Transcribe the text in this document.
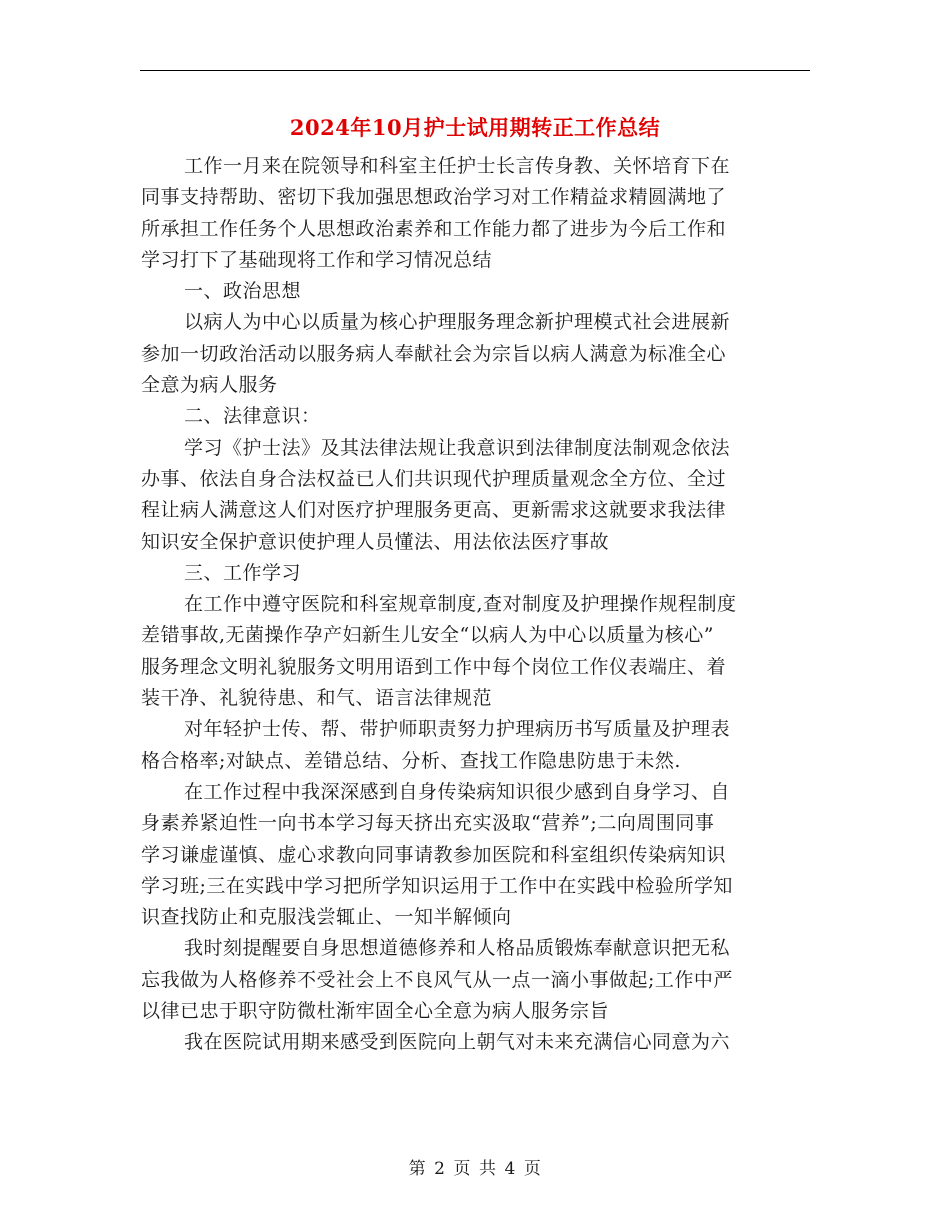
2024年10月护士试用期转正工作总结
工作一月来在院领导和科室主任护士长言传身教、关怀培育下在
同事支持帮助、密切下我加强思想政治学习对工作精益求精圆满地了
所承担工作任务个人思想政治素养和工作能力都了进步为今后工作和
学习打下了基础现将工作和学习情况总结
一、政治思想
以病人为中心以质量为核心护理服务理念新护理模式社会进展新
参加一切政治活动以服务病人奉献社会为宗旨以病人满意为标准全心
全意为病人服务
二、法律意识：
学习《护士法》及其法律法规让我意识到法律制度法制观念依法
办事、依法自身合法权益已人们共识现代护理质量观念全方位、全过
程让病人满意这人们对医疗护理服务更高、更新需求这就要求我法律
知识安全保护意识使护理人员懂法、用法依法医疗事故
三、工作学习
在工作中遵守医院和科室规章制度,查对制度及护理操作规程制度
差错事故,无菌操作孕产妇新生儿安全“以病人为中心以质量为核心”
服务理念文明礼貌服务文明用语到工作中每个岗位工作仪表端庄、着
装干净、礼貌待患、和气、语言法律规范
对年轻护士传、帮、带护师职责努力护理病历书写质量及护理表
格合格率;对缺点、差错总结、分析、查找工作隐患防患于未然.
在工作过程中我深深感到自身传染病知识很少感到自身学习、自
身素养紧迫性一向书本学习每天挤出充实汲取“营养”;二向周围同事
学习谦虚谨慎、虚心求教向同事请教参加医院和科室组织传染病知识
学习班;三在实践中学习把所学知识运用于工作中在实践中检验所学知
识查找防止和克服浅尝辄止、一知半解倾向
我时刻提醒要自身思想道德修养和人格品质锻炼奉献意识把无私
忘我做为人格修养不受社会上不良风气从一点一滴小事做起;工作中严
以律已忠于职守防微杜渐牢固全心全意为病人服务宗旨
我在医院试用期来感受到医院向上朝气对未来充满信心同意为六
第 2 页 共 4 页
